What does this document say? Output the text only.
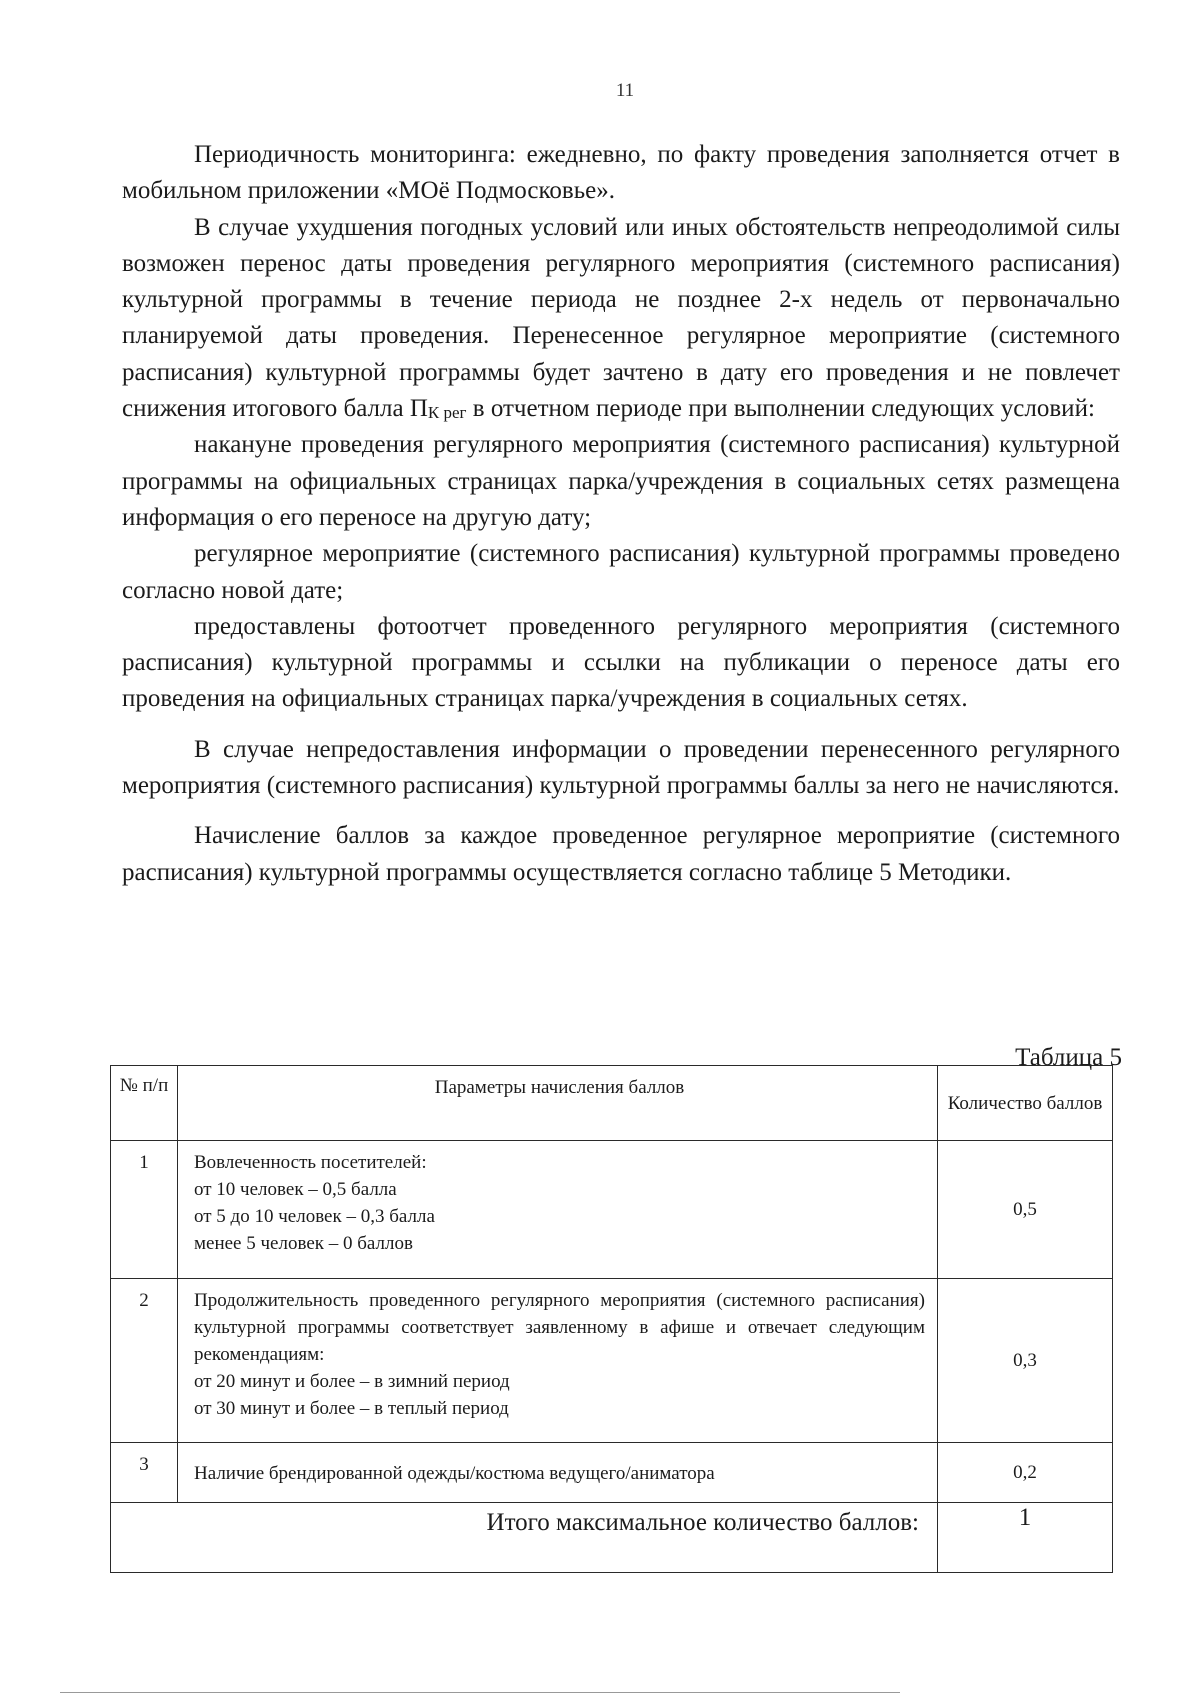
11

Периодичность мониторинга: ежедневно, по факту проведения заполняется отчет в мобильном приложении «МОё Подмосковье».

В случае ухудшения погодных условий или иных обстоятельств непреодолимой силы возможен перенос даты проведения регулярного мероприятия (системного расписания) культурной программы в течение периода не позднее 2-х недель от первоначально планируемой даты проведения. Перенесенное регулярное мероприятие (системного расписания) культурной программы будет зачтено в дату его проведения и не повлечет снижения итогового балла $П_{К рег}$ в отчетном периоде при выполнении следующих условий:

накануне проведения регулярного мероприятия (системного расписания) культурной программы на официальных страницах парка/учреждения в социальных сетях размещена информация о его переносе на другую дату;

регулярное мероприятие (системного расписания) культурной программы проведено согласно новой дате;

предоставлены фотоотчет проведенного регулярного мероприятия (системного расписания) культурной программы и ссылки на публикации о переносе даты его проведения на официальных страницах парка/учреждения в социальных сетях.

В случае непредоставления информации о проведении перенесенного регулярного мероприятия (системного расписания) культурной программы баллы за него не начисляются.

Начисление баллов за каждое проведенное регулярное мероприятие (системного расписания) культурной программы осуществляется согласно таблице 5 Методики.

Таблица 5
№ п/п	Параметры начисления баллов	Количество баллов
1	Вовлеченность посетителей:
от 10 человек – 0,5 балла
от 5 до 10 человек – 0,3 балла
менее 5 человек – 0 баллов	0,5
2	Продолжительность проведенного регулярного мероприятия (системного расписания) культурной программы соответствует заявленному в афише и отвечает следующим рекомендациям:
от 20 минут и более – в зимний период
от 30 минут и более – в теплый период	0,3
3	Наличие брендированной одежды/костюма ведущего/аниматора	0,2
Итого максимальное количество баллов:		1
